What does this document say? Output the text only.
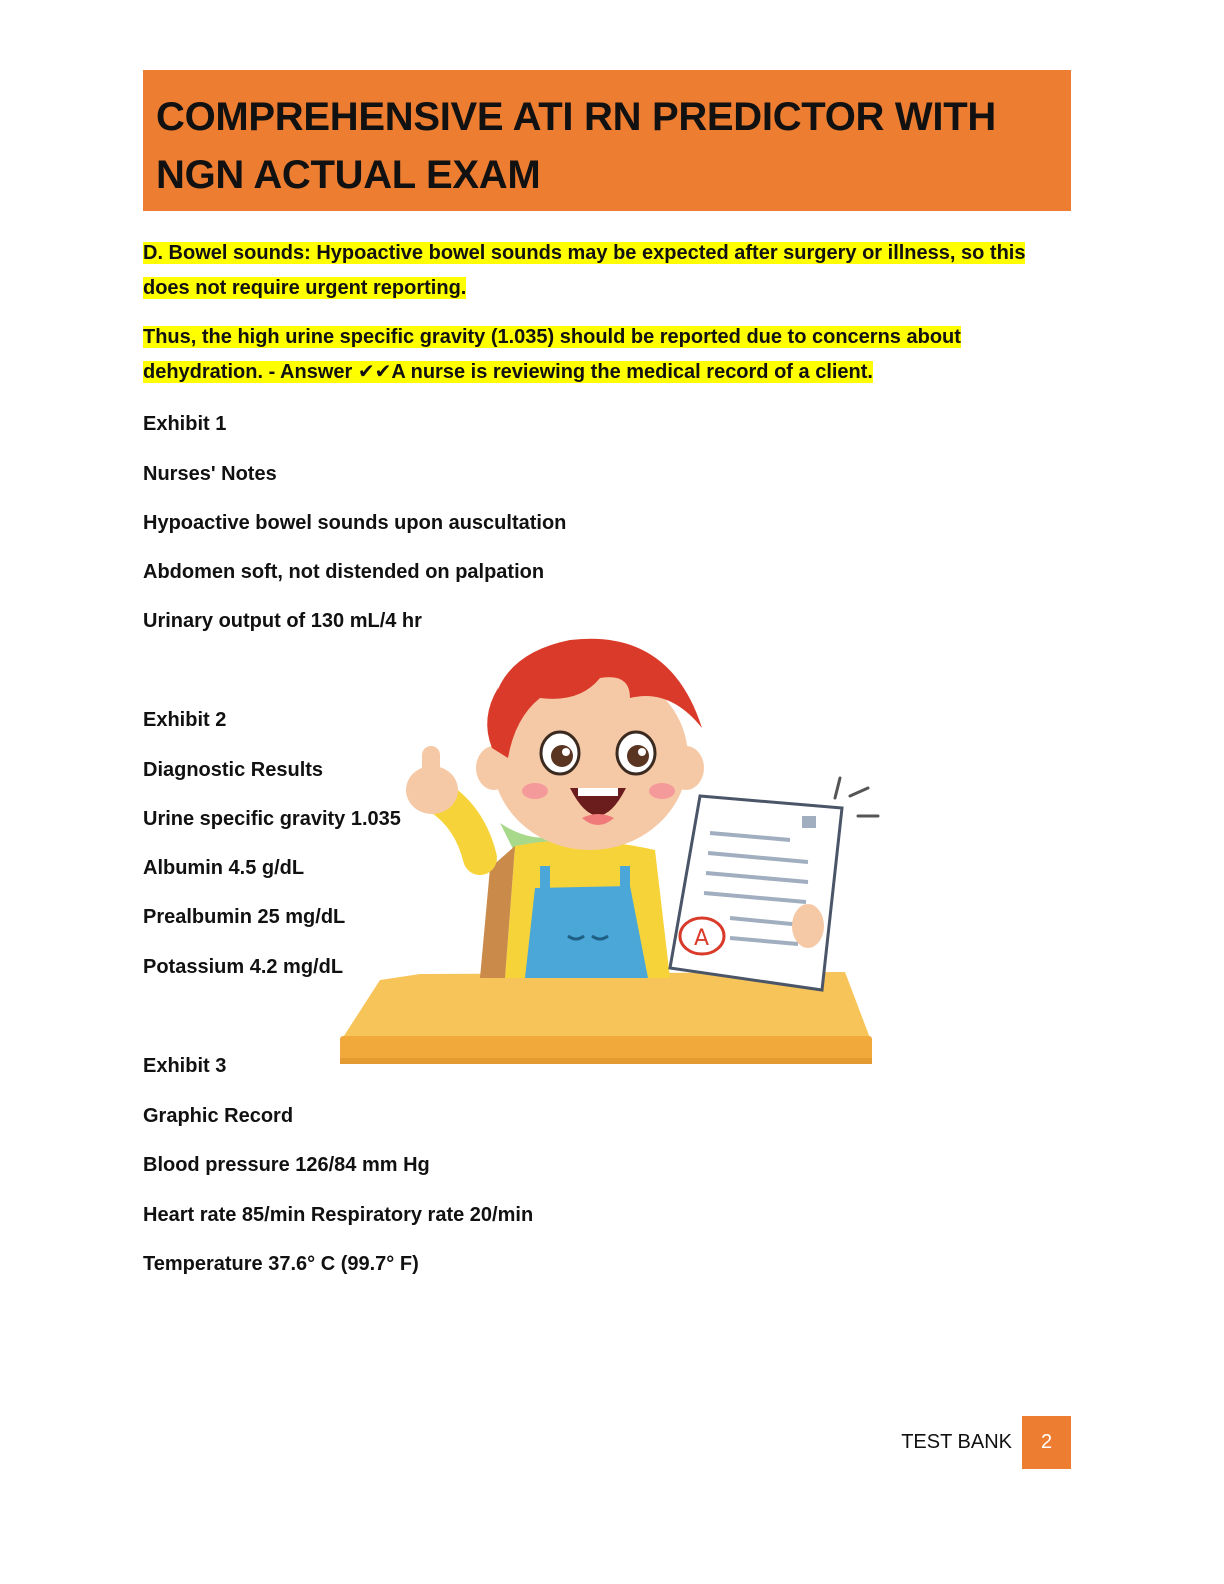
COMPREHENSIVE ATI RN PREDICTOR WITH
NGN ACTUAL EXAM
D. Bowel sounds: Hypoactive bowel sounds may be expected after surgery or illness, so this does not require urgent reporting.
Thus, the high urine specific gravity (1.035) should be reported due to concerns about dehydration. - Answer ✔✔A nurse is reviewing the medical record of a client.
A
Exhibit 1
Nurses' Notes
Hypoactive bowel sounds upon auscultation
Abdomen soft, not distended on palpation
Urinary output of 130 mL/4 hr
Exhibit 2
Diagnostic Results
Urine specific gravity 1.035
Albumin 4.5 g/dL
Prealbumin 25 mg/dL
Potassium 4.2 mg/dL
Exhibit 3
Graphic Record
Blood pressure 126/84 mm Hg
Heart rate 85/min Respiratory rate 20/min
Temperature 37.6° C (99.7° F)
TEST BANK	2
